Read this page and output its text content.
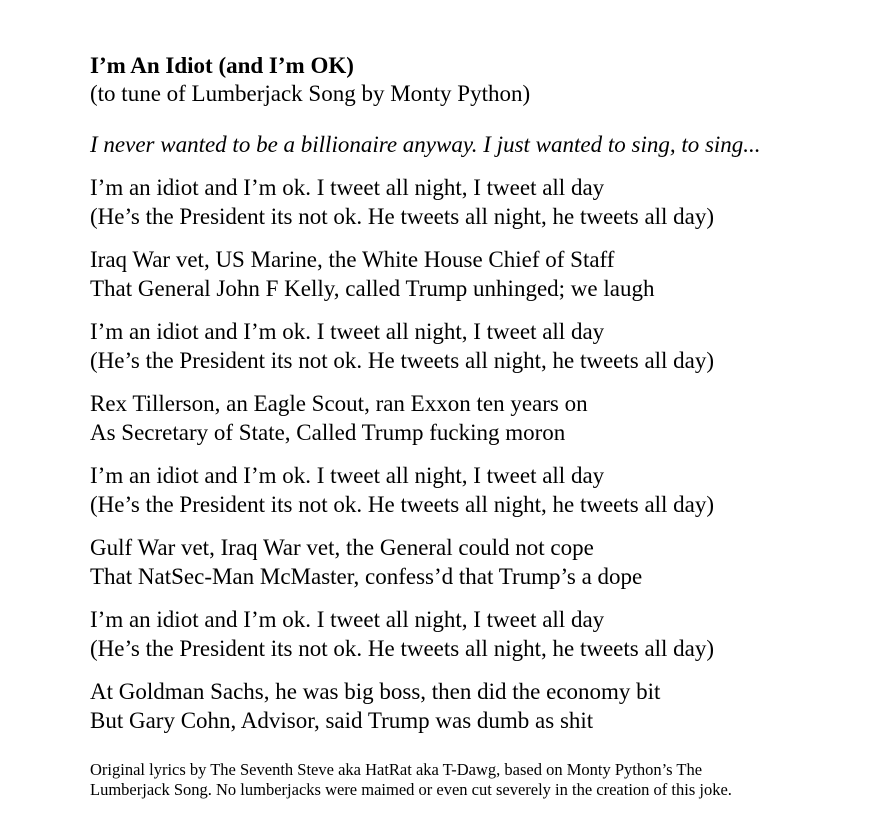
I’m An Idiot (and I’m OK)
(to tune of Lumberjack Song by Monty Python)
I never wanted to be a billionaire anyway. I just wanted to sing, to sing...
I’m an idiot and I’m ok. I tweet all night, I tweet all day
(He’s the President its not ok. He tweets all night, he tweets all day)
Iraq War vet, US Marine, the White House Chief of Staff
That General John F Kelly, called Trump unhinged; we laugh
I’m an idiot and I’m ok. I tweet all night, I tweet all day
(He’s the President its not ok. He tweets all night, he tweets all day)
Rex Tillerson, an Eagle Scout, ran Exxon ten years on
As Secretary of State, Called Trump fucking moron
I’m an idiot and I’m ok. I tweet all night, I tweet all day
(He’s the President its not ok. He tweets all night, he tweets all day)
Gulf War vet, Iraq War vet, the General could not cope
That NatSec-Man McMaster, confess’d that Trump’s a dope
I’m an idiot and I’m ok. I tweet all night, I tweet all day
(He’s the President its not ok. He tweets all night, he tweets all day)
At Goldman Sachs, he was big boss, then did the economy bit
But Gary Cohn, Advisor, said Trump was dumb as shit
Original lyrics by The Seventh Steve aka HatRat aka T-Dawg, based on Monty Python’s The
Lumberjack Song. No lumberjacks were maimed or even cut severely in the creation of this joke.
